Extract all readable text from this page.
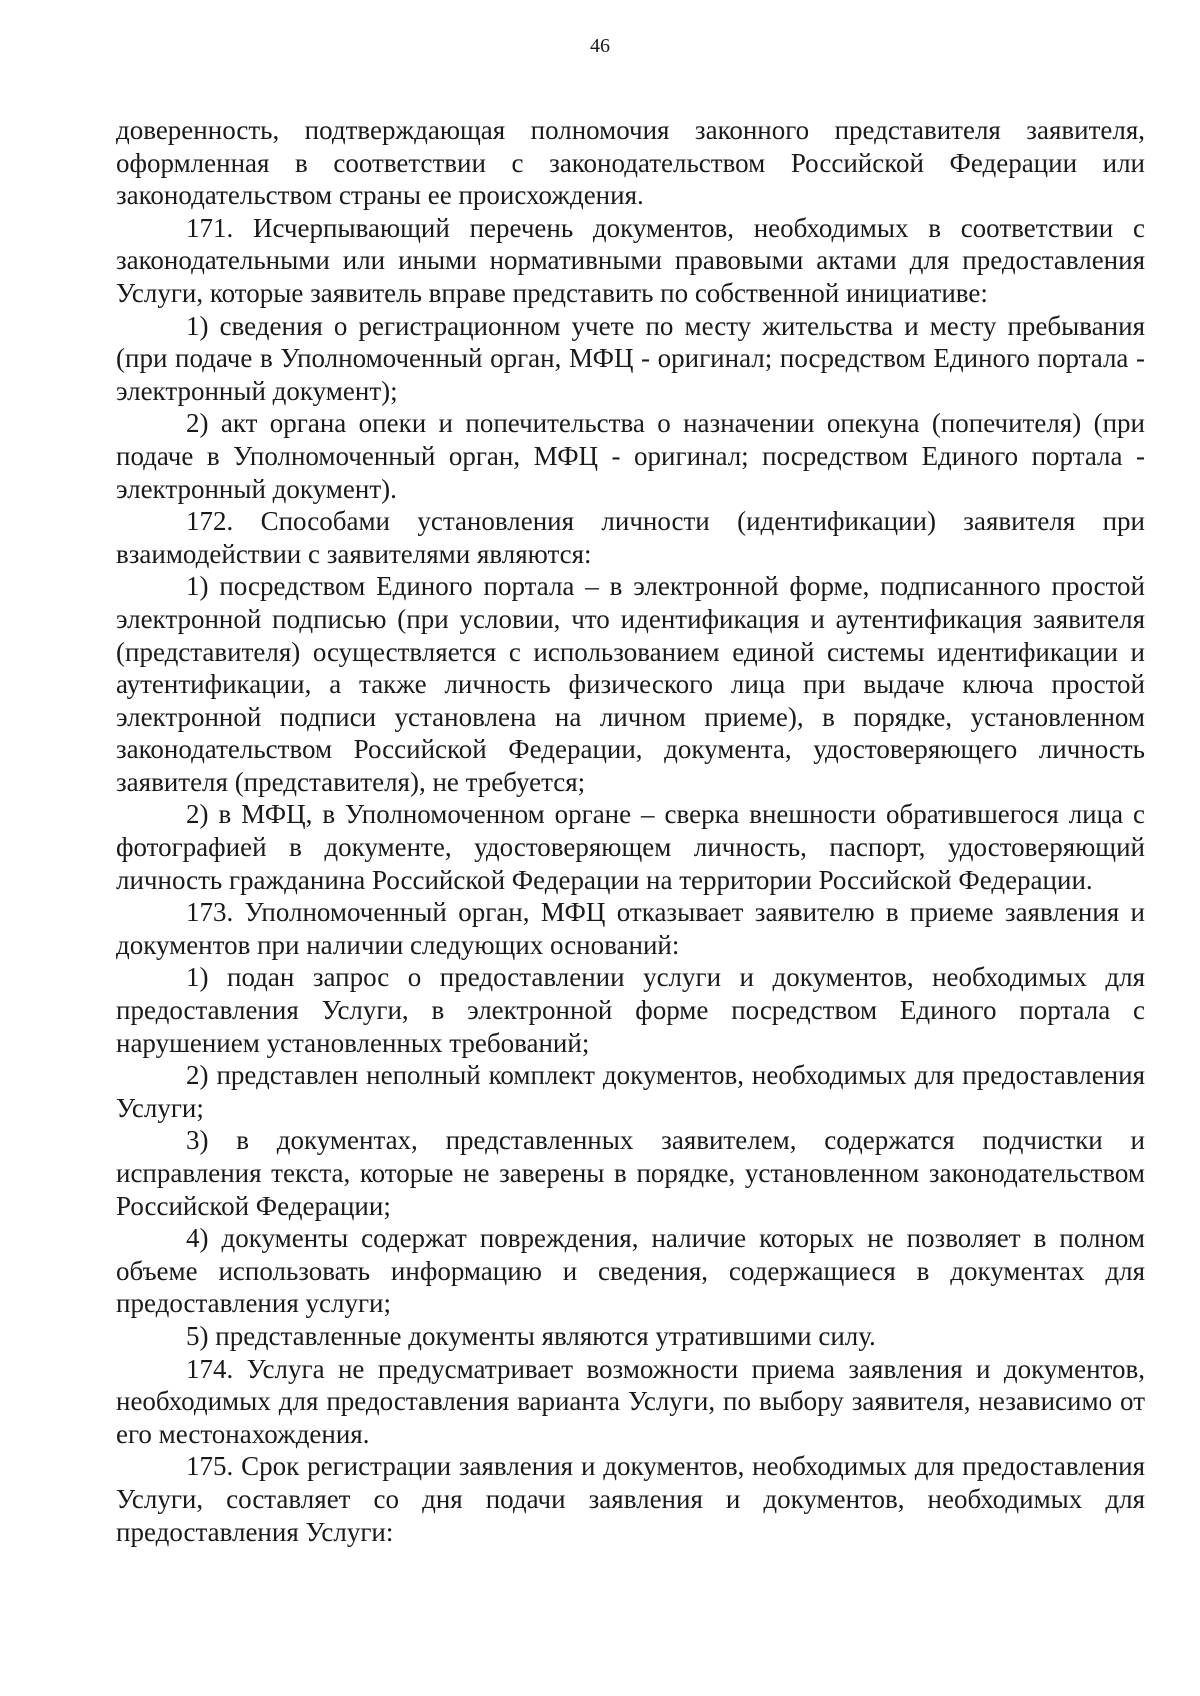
46

доверенность, подтверждающая полномочия законного представителя заявителя, оформленная в соответствии с законодательством Российской Федерации или законодательством страны ее происхождения.

171. Исчерпывающий перечень документов, необходимых в соответствии с законодательными или иными нормативными правовыми актами для предоставления Услуги, которые заявитель вправе представить по собственной инициативе:

1) сведения о регистрационном учете по месту жительства и месту пребывания (при подаче в Уполномоченный орган, МФЦ - оригинал; посредством Единого портала - электронный документ);

2) акт органа опеки и попечительства о назначении опекуна (попечителя) (при подаче в Уполномоченный орган, МФЦ - оригинал; посредством Единого портала - электронный документ).

172. Способами установления личности (идентификации) заявителя при взаимодействии с заявителями являются:

1) посредством Единого портала – в электронной форме, подписанного простой электронной подписью (при условии, что идентификация и аутентификация заявителя (представителя) осуществляется с использованием единой системы идентификации и аутентификации, а также личность физического лица при выдаче ключа простой электронной подписи установлена на личном приеме), в порядке, установленном законодательством Российской Федерации, документа, удостоверяющего личность заявителя (представителя), не требуется;

2) в МФЦ, в Уполномоченном органе – сверка внешности обратившегося лица с фотографией в документе, удостоверяющем личность, паспорт, удостоверяющий личность гражданина Российской Федерации на территории Российской Федерации.

173. Уполномоченный орган, МФЦ отказывает заявителю в приеме заявления и документов при наличии следующих оснований:

1) подан запрос о предоставлении услуги и документов, необходимых для предоставления Услуги, в электронной форме посредством Единого портала с нарушением установленных требований;

2) представлен неполный комплект документов, необходимых для предоставления Услуги;

3) в документах, представленных заявителем, содержатся подчистки и исправления текста, которые не заверены в порядке, установленном законодательством Российской Федерации;

4) документы содержат повреждения, наличие которых не позволяет в полном объеме использовать информацию и сведения, содержащиеся в документах для предоставления услуги;

5) представленные документы являются утратившими силу.

174. Услуга не предусматривает возможности приема заявления и документов, необходимых для предоставления варианта Услуги, по выбору заявителя, независимо от его местонахождения.

175. Срок регистрации заявления и документов, необходимых для предоставления Услуги, составляет со дня подачи заявления и документов, необходимых для предоставления Услуги:
